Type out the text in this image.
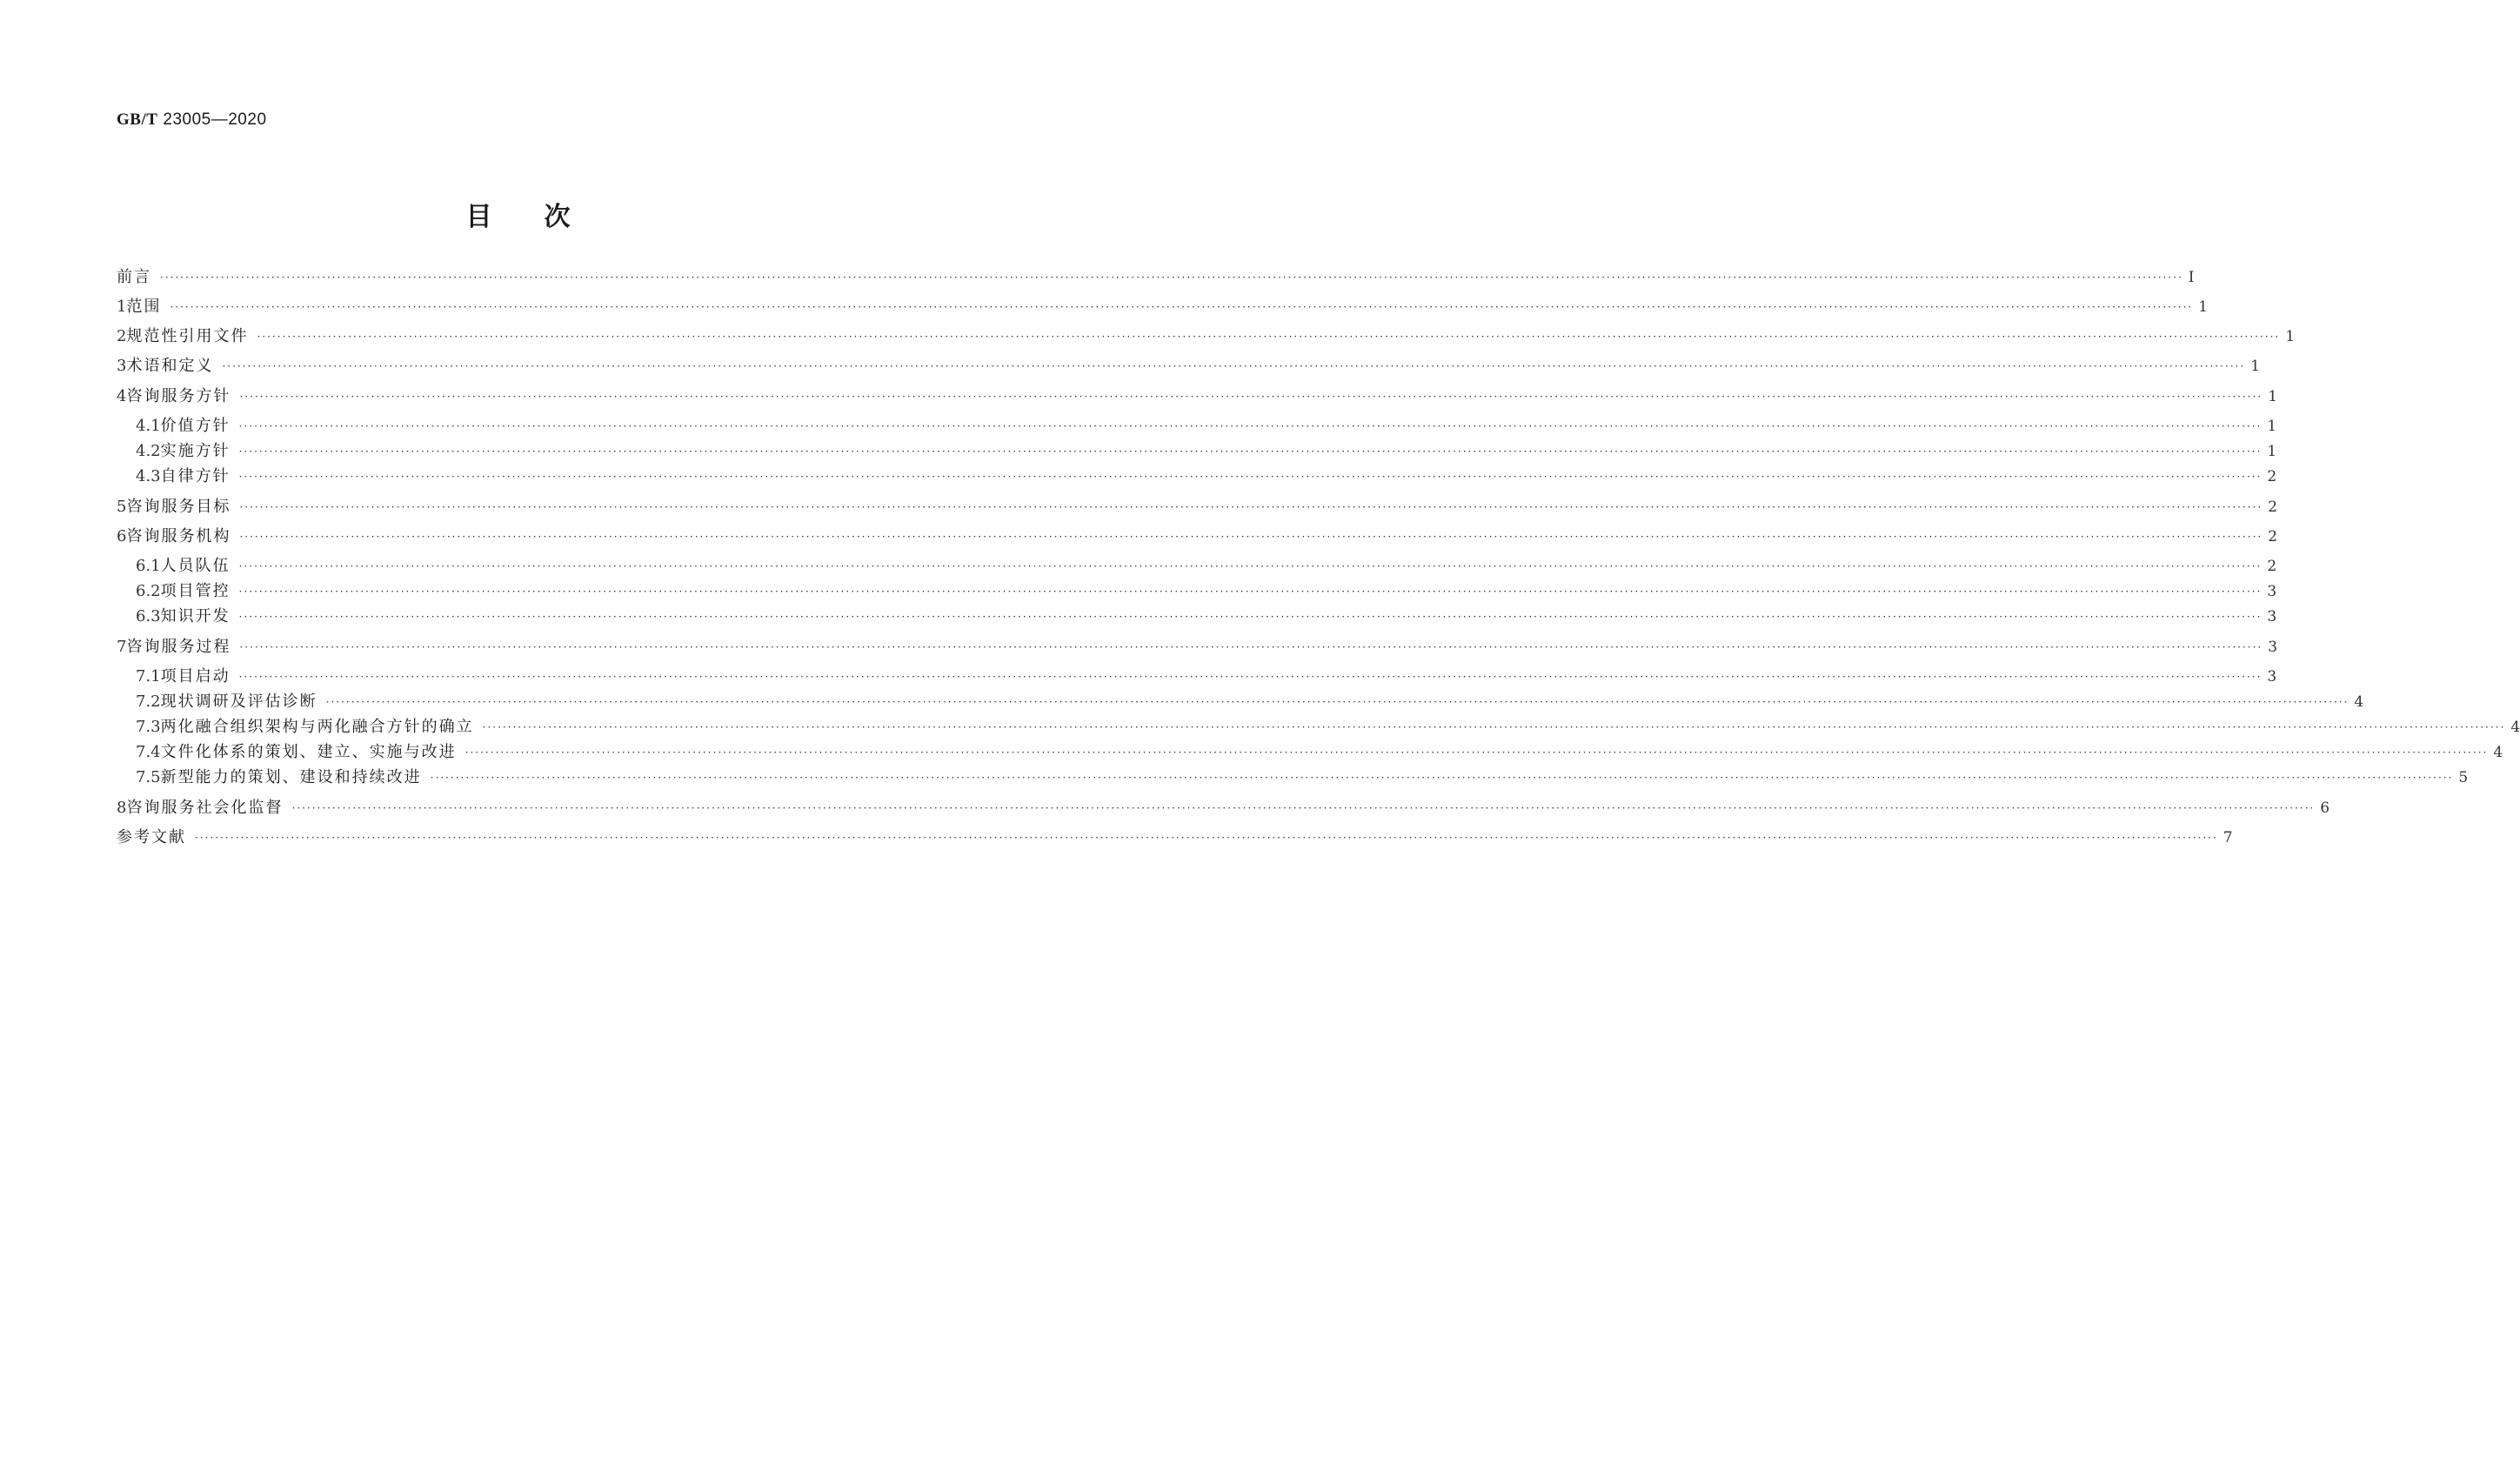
GB/T 23005—2020
目 次
前言 ················································································································································································································································································································································································································ Ⅰ
1 范围 ················································································································································································································································································································································································································ 1
2 规范性引用文件 ················································································································································································································································································································································································································ 1
3 术语和定义 ················································································································································································································································································································································································································ 1
4 咨询服务方针 ················································································································································································································································································································································································································ 1
4.1 价值方针 ················································································································································································································································································································································································································ 1
4.2 实施方针 ················································································································································································································································································································································································································ 1
4.3 自律方针 ················································································································································································································································································································································································································ 2
5 咨询服务目标 ················································································································································································································································································································································································································ 2
6 咨询服务机构 ················································································································································································································································································································································································································ 2
6.1 人员队伍 ················································································································································································································································································································································································································ 2
6.2 项目管控 ················································································································································································································································································································································································································ 3
6.3 知识开发 ················································································································································································································································································································································································································ 3
7 咨询服务过程 ················································································································································································································································································································································································································ 3
7.1 项目启动 ················································································································································································································································································································································································································ 3
7.2 现状调研及评估诊断 ················································································································································································································································································································································································································ 4
7.3 两化融合组织架构与两化融合方针的确立 ················································································································································································································································································································································································································ 4
7.4 文件化体系的策划、建立、实施与改进 ················································································································································································································································································································································································································ 4
7.5 新型能力的策划、建设和持续改进 ················································································································································································································································································································································································································ 5
8 咨询服务社会化监督 ················································································································································································································································································································································································································ 6
参考文献 ················································································································································································································································································································································································································ 7
